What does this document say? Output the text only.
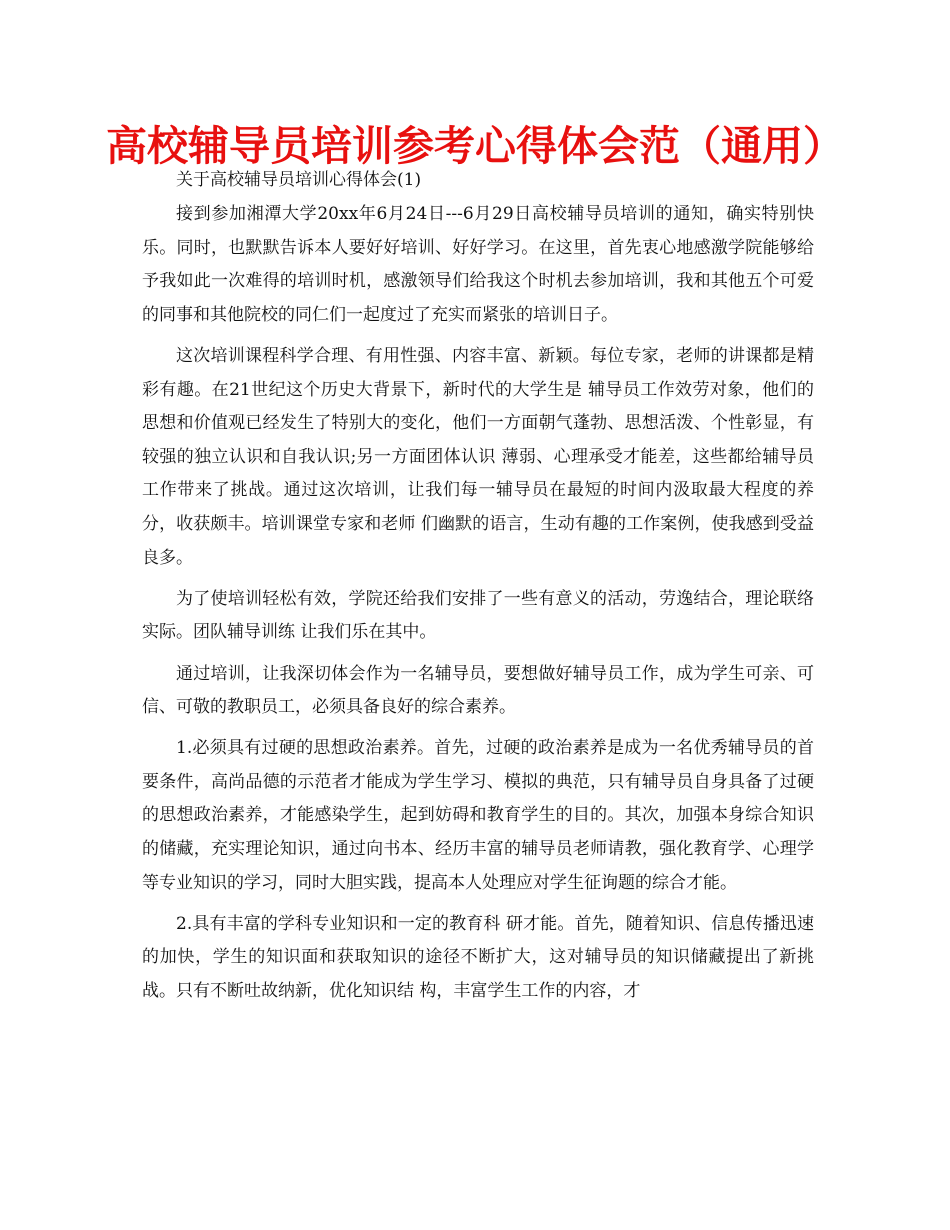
高校辅导员培训参考心得体会范（通用）

关于高校辅导员培训心得体会(1)

接到参加湘潭大学20xx年6月24日---6月29日高校辅导员培训的通知，确实特别快乐。同时，也默默告诉本人要好好培训、好好学习。在这里，首先衷心地感激学院能够给予我如此一次难得的培训时机，感激领导们给我这个时机去参加培训，我和其他五个可爱的同事和其他院校的同仁们一起度过了充实而紧张的培训日子。

这次培训课程科学合理、有用性强、内容丰富、新颖。每位专家，老师的讲课都是精彩有趣。在21世纪这个历史大背景下，新时代的大学生是 辅导员工作效劳对象，他们的思想和价值观已经发生了特别大的变化，他们一方面朝气蓬勃、思想活泼、个性彰显，有较强的独立认识和自我认识;另一方面团体认识 薄弱、心理承受才能差，这些都给辅导员工作带来了挑战。通过这次培训，让我们每一辅导员在最短的时间内汲取最大程度的养分，收获颇丰。培训课堂专家和老师 们幽默的语言，生动有趣的工作案例，使我感到受益良多。

为了使培训轻松有效，学院还给我们安排了一些有意义的活动，劳逸结合，理论联络实际。团队辅导训练 让我们乐在其中。

通过培训，让我深切体会作为一名辅导员，要想做好辅导员工作，成为学生可亲、可信、可敬的教职员工，必须具备良好的综合素养。

1.必须具有过硬的思想政治素养。首先，过硬的政治素养是成为一名优秀辅导员的首要条件，高尚品德的示范者才能成为学生学习、模拟的典范，只有辅导员自身具备了过硬的思想政治素养，才能感染学生，起到妨碍和教育学生的目的。其次，加强本身综合知识的储藏，充实理论知识，通过向书本、经历丰富的辅导员老师请教，强化教育学、心理学等专业知识的学习，同时大胆实践，提高本人处理应对学生征询题的综合才能。

2.具有丰富的学科专业知识和一定的教育科 研才能。首先，随着知识、信息传播迅速的加快，学生的知识面和获取知识的途径不断扩大，这对辅导员的知识储藏提出了新挑战。只有不断吐故纳新，优化知识结 构，丰富学生工作的内容，才
